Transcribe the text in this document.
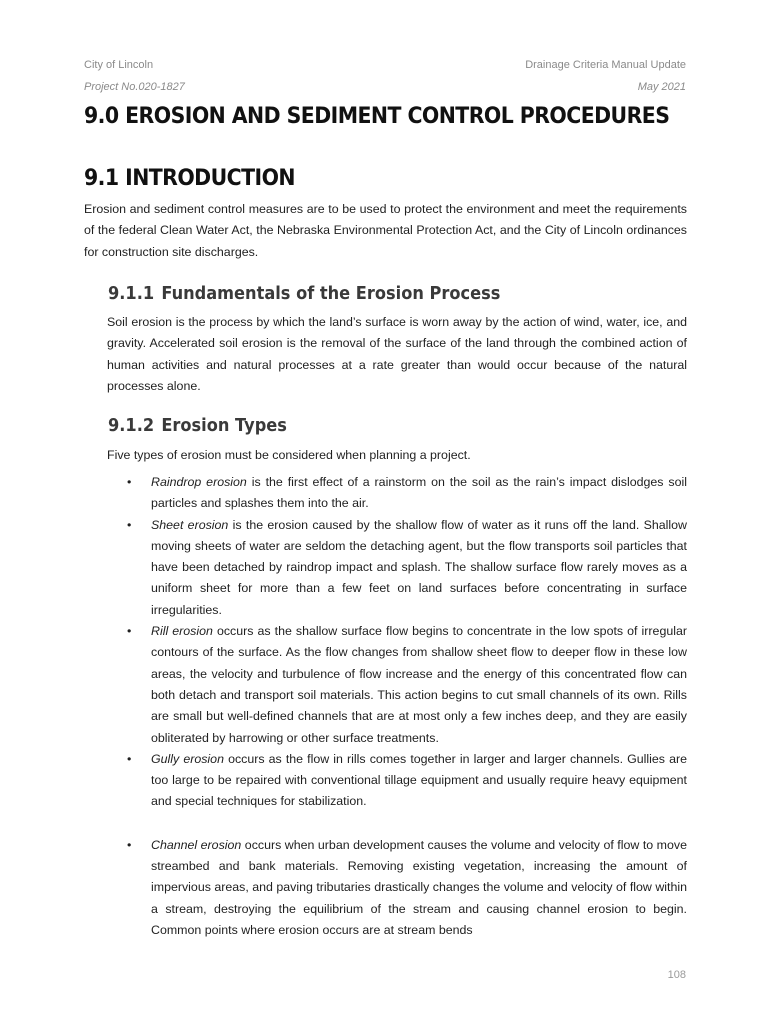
City of Lincoln	Drainage Criteria Manual Update
Project No.020-1827	May 2021
9.0 EROSION AND SEDIMENT CONTROL PROCEDURES
9.1 INTRODUCTION

Erosion and sediment control measures are to be used to protect the environment and meet the requirements of the federal Clean Water Act, the Nebraska Environmental Protection Act, and the City of Lincoln ordinances for construction site discharges.

9.1.1 Fundamentals of the Erosion Process

Soil erosion is the process by which the land’s surface is worn away by the action of wind, water, ice, and gravity. Accelerated soil erosion is the removal of the surface of the land through the combined action of human activities and natural processes at a rate greater than would occur because of the natural processes alone.

9.1.2 Erosion Types

Five types of erosion must be considered when planning a project.

• Raindrop erosion is the first effect of a rainstorm on the soil as the rain’s impact dislodges soil particles and splashes them into the air.
• Sheet erosion is the erosion caused by the shallow flow of water as it runs off the land. Shallow moving sheets of water are seldom the detaching agent, but the flow transports soil particles that have been detached by raindrop impact and splash. The shallow surface flow rarely moves as a uniform sheet for more than a few feet on land surfaces before concentrating in surface irregularities.
• Rill erosion occurs as the shallow surface flow begins to concentrate in the low spots of irregular contours of the surface. As the flow changes from shallow sheet flow to deeper flow in these low areas, the velocity and turbulence of flow increase and the energy of this concentrated flow can both detach and transport soil materials. This action begins to cut small channels of its own. Rills are small but well-defined channels that are at most only a few inches deep, and they are easily obliterated by harrowing or other surface treatments.
• Gully erosion occurs as the flow in rills comes together in larger and larger channels. Gullies are too large to be repaired with conventional tillage equipment and usually require heavy equipment and special techniques for stabilization.
• Channel erosion occurs when urban development causes the volume and velocity of flow to move streambed and bank materials. Removing existing vegetation, increasing the amount of impervious areas, and paving tributaries drastically changes the volume and velocity of flow within a stream, destroying the equilibrium of the stream and causing channel erosion to begin. Common points where erosion occurs are at stream bends
108
